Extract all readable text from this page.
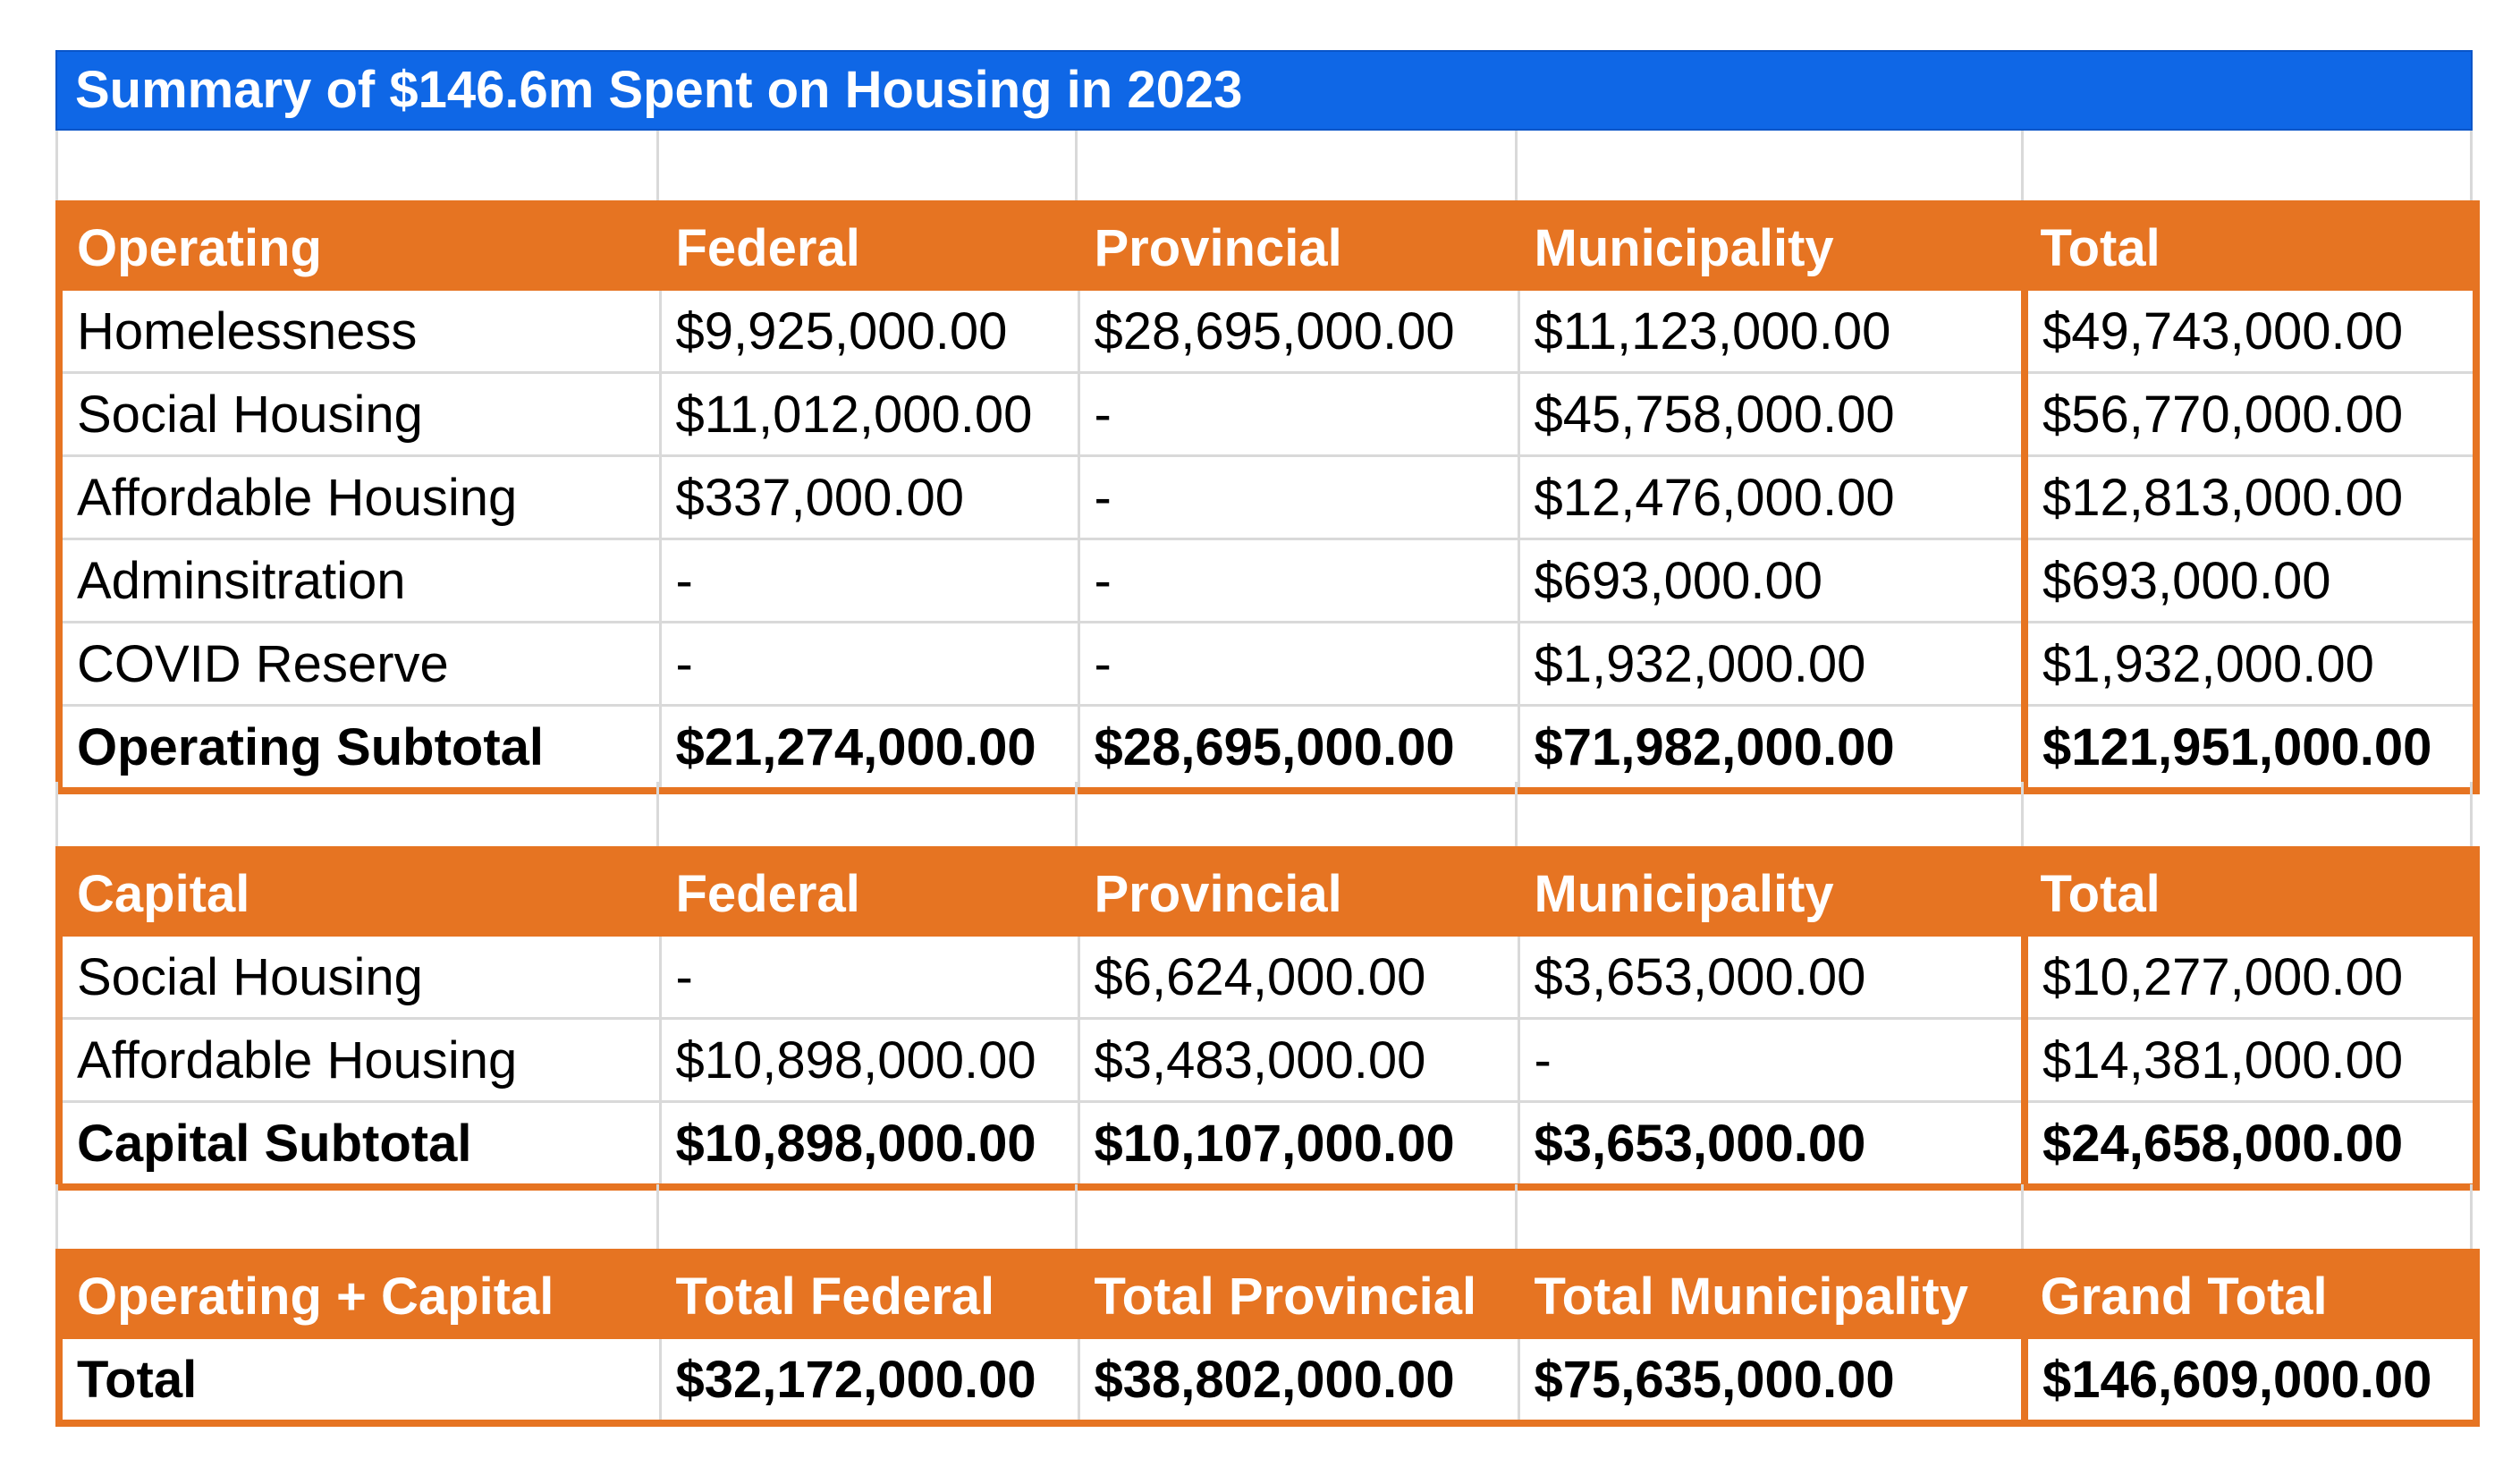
Summary of $146.6m Spent on Housing in 2023
Operating	Federal	Provincial	Municipality	Total
Homelessness	$9,925,000.00	$28,695,000.00	$11,123,000.00	$49,743,000.00
Social Housing	$11,012,000.00	-	$45,758,000.00	$56,770,000.00
Affordable Housing	$337,000.00	-	$12,476,000.00	$12,813,000.00
Adminsitration	-	-	$693,000.00	$693,000.00
COVID Reserve	-	-	$1,932,000.00	$1,932,000.00
Operating Subtotal	$21,274,000.00	$28,695,000.00	$71,982,000.00	$121,951,000.00
Capital	Federal	Provincial	Municipality	Total
Social Housing	-	$6,624,000.00	$3,653,000.00	$10,277,000.00
Affordable Housing	$10,898,000.00	$3,483,000.00	-	$14,381,000.00
Capital Subtotal	$10,898,000.00	$10,107,000.00	$3,653,000.00	$24,658,000.00
Operating + Capital	Total Federal	Total Provincial	Total Municipality	Grand Total
Total	$32,172,000.00	$38,802,000.00	$75,635,000.00	$146,609,000.00
